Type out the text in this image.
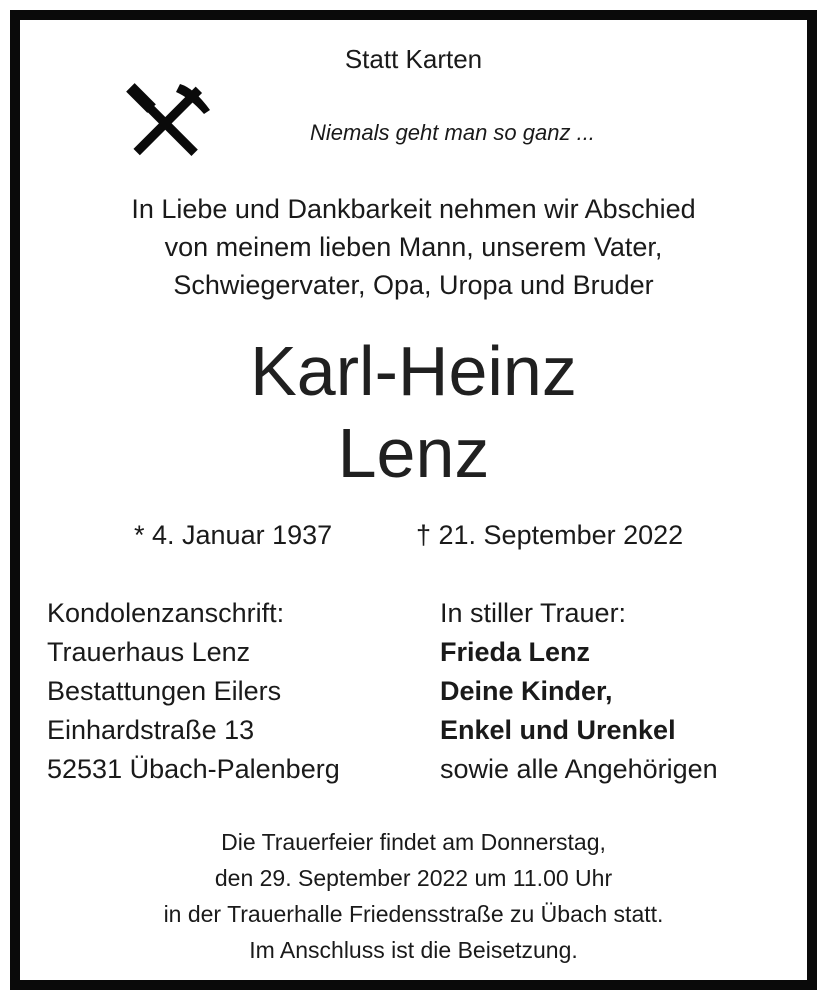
Statt Karten
Niemals geht man so ganz ...
In Liebe und Dankbarkeit nehmen wir Abschied
von meinem lieben Mann, unserem Vater,
Schwiegervater, Opa, Uropa und Bruder
Karl-Heinz
Lenz
* 4. Januar 1937	† 21. September 2022
Kondolenzanschrift:
Trauerhaus Lenz
Bestattungen Eilers
Einhardstraße 13
52531 Übach-Palenberg
In stiller Trauer:
Frieda Lenz
Deine Kinder,
Enkel und Urenkel
sowie alle Angehörigen
Die Trauerfeier findet am Donnerstag,
den 29. September 2022 um 11.00 Uhr
in der Trauerhalle Friedensstraße zu Übach statt.
Im Anschluss ist die Beisetzung.
